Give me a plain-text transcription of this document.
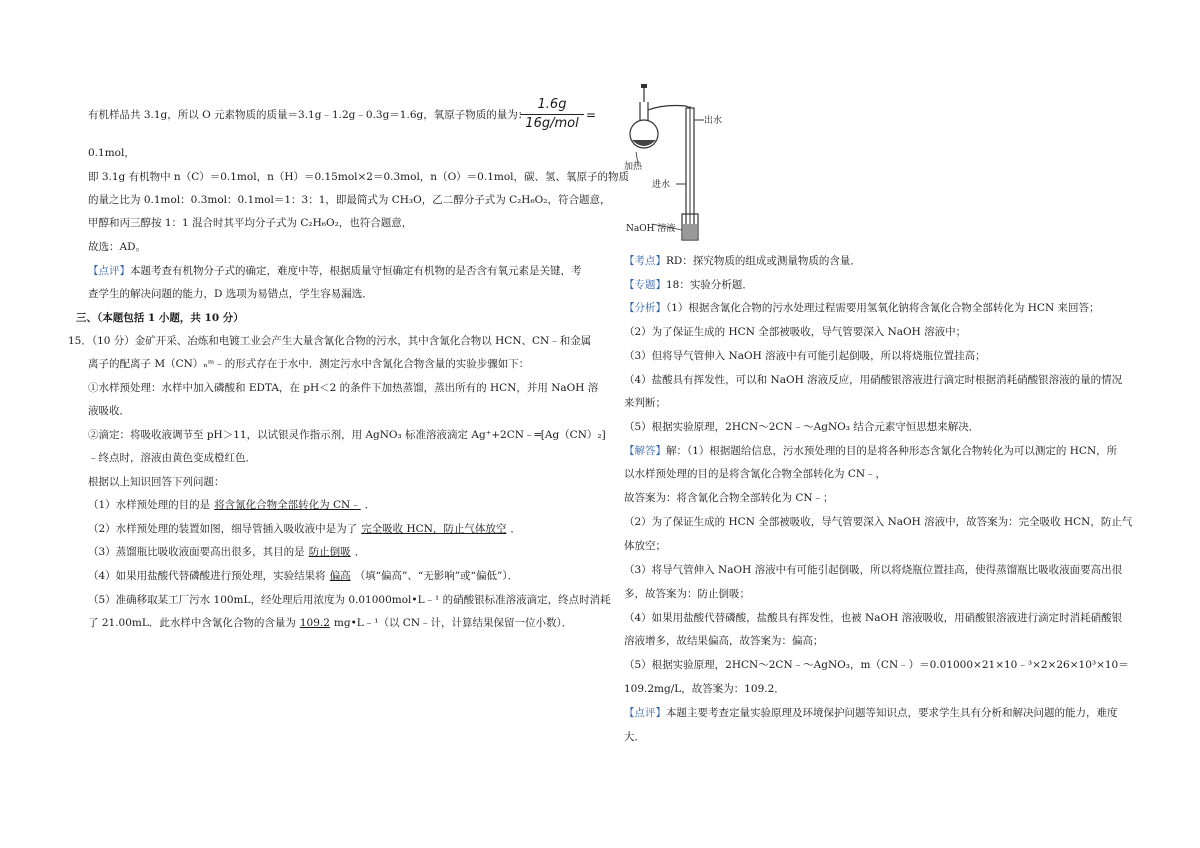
有机样品共 3.1g，所以 O 元素物质的质量＝3.1g﹣1.2g﹣0.3g＝1.6g，氧原子物质的量为：
1.6g
16g/mol
=
0.1mol，
即 3.1g 有机物中 n（C）＝0.1mol，n（H）＝0.15mol×2＝0.3mol，n（O）＝0.1mol，碳、氢、氧原子的物质
的量之比为 0.1mol：0.3mol：0.1mol＝1：3：1，即最简式为 CH₃O，乙二醇分子式为 C₂H₆O₂，符合题意，
甲醇和丙三醇按 1：1 混合时其平均分子式为 C₂H₆O₂，也符合题意，
故选：AD。
【点评】本题考查有机物分子式的确定，难度中等，根据质量守恒确定有机物的是否含有氧元素是关键，考
查学生的解决问题的能力，D 选项为易错点，学生容易漏选．
三、（本题包括 1 小题，共 10 分）
15．（10 分）金矿开采、冶炼和电镀工业会产生大量含氰化合物的污水，其中含氰化合物以 HCN、CN﹣和金属
离子的配离子 M（CN）ₙᵐ﹣的形式存在于水中．测定污水中含氰化合物含量的实验步骤如下：
①水样预处理：水样中加入磷酸和 EDTA，在 pH＜2 的条件下加热蒸馏，蒸出所有的 HCN，并用 NaOH 溶
液吸收．
②滴定：将吸收液调节至 pH＞11，以试银灵作指示剂，用 AgNO₃ 标准溶液滴定 Ag⁺+2CN﹣═[Ag（CN）₂]
﹣终点时，溶液由黄色变成橙红色．
根据以上知识回答下列问题：
（1）水样预处理的目的是 将含氰化合物全部转化为 CN﹣ ．
（2）水样预处理的装置如图，细导管插入吸收液中是为了 完全吸收 HCN，防止气体放空 ．
（3）蒸馏瓶比吸收液面要高出很多，其目的是 防止倒吸 ．
（4）如果用盐酸代替磷酸进行预处理，实验结果将 偏高 （填“偏高”、“无影响”或“偏低”）．
（5）准确移取某工厂污水 100mL，经处理后用浓度为 0.01000mol•L﹣¹ 的硝酸银标准溶液滴定，终点时消耗
了 21.00mL．此水样中含氰化合物的含量为 109.2 mg•L﹣¹（以 CN﹣计，计算结果保留一位小数）．
出水
加热
进水
NaOH 溶液
【考点】RD：探究物质的组成或测量物质的含量．
【专题】18：实验分析题．
【分析】（1）根据含氰化合物的污水处理过程需要用氢氧化钠将含氰化合物全部转化为 HCN 来回答；
（2）为了保证生成的 HCN 全部被吸收，导气管要深入 NaOH 溶液中；
（3）但将导气管伸入 NaOH 溶液中有可能引起倒吸，所以将烧瓶位置挂高；
（4）盐酸具有挥发性，可以和 NaOH 溶液反应，用硝酸银溶液进行滴定时根据消耗硝酸银溶液的量的情况
来判断；
（5）根据实验原理，2HCN～2CN﹣～AgNO₃ 结合元素守恒思想来解决．
【解答】解：（1）根据题给信息，污水预处理的目的是将各种形态含氰化合物转化为可以测定的 HCN，所
以水样预处理的目的是将含氰化合物全部转化为 CN﹣，
故答案为：将含氰化合物全部转化为 CN﹣；
（2）为了保证生成的 HCN 全部被吸收，导气管要深入 NaOH 溶液中，故答案为：完全吸收 HCN，防止气
体放空；
（3）将导气管伸入 NaOH 溶液中有可能引起倒吸，所以将烧瓶位置挂高，使得蒸馏瓶比吸收液面要高出很
多，故答案为：防止倒吸；
（4）如果用盐酸代替磷酸，盐酸具有挥发性，也被 NaOH 溶液吸收，用硝酸银溶液进行滴定时消耗硝酸银
溶液增多，故结果偏高，故答案为：偏高；
（5）根据实验原理，2HCN～2CN﹣～AgNO₃，m（CN﹣）＝0.01000×21×10﹣³×2×26×10³×10＝
109.2mg/L，故答案为：109.2．
【点评】本题主要考查定量实验原理及环境保护问题等知识点，要求学生具有分析和解决问题的能力，难度
大．
